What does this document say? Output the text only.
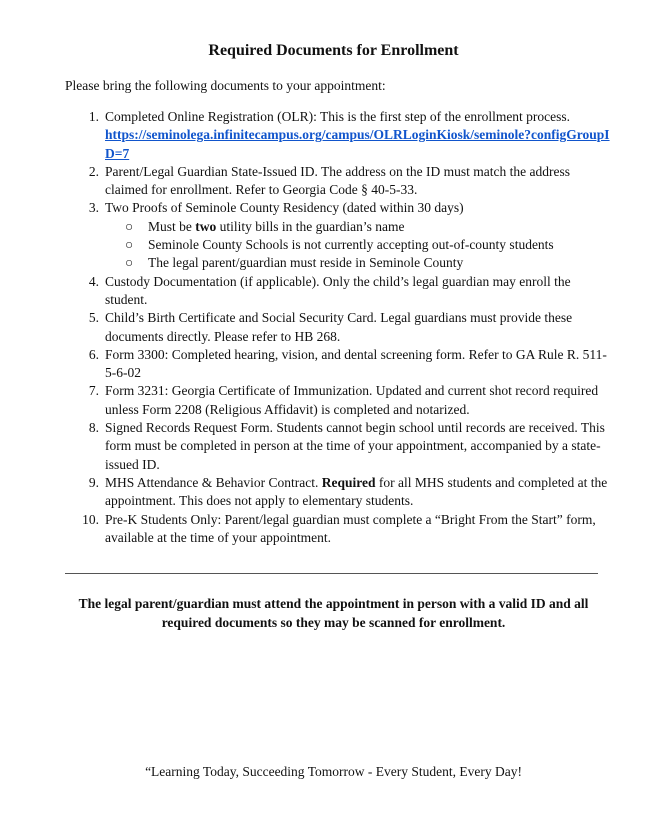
Required Documents for Enrollment
Please bring the following documents to your appointment:
1. Completed Online Registration (OLR): This is the first step of the enrollment process.
https://seminolega.infinitecampus.org/campus/OLRLoginKiosk/seminole?configGroupID=7
2. Parent/Legal Guardian State-Issued ID. The address on the ID must match the address claimed for enrollment. Refer to Georgia Code § 40-5-33.
3. Two Proofs of Seminole County Residency (dated within 30 days)
○ Must be two utility bills in the guardian’s name
○ Seminole County Schools is not currently accepting out-of-county students
○ The legal parent/guardian must reside in Seminole County
4. Custody Documentation (if applicable). Only the child’s legal guardian may enroll the student.
5. Child’s Birth Certificate and Social Security Card. Legal guardians must provide these documents directly. Please refer to HB 268.
6. Form 3300: Completed hearing, vision, and dental screening form. Refer to GA Rule R. 511-5-6-02
7. Form 3231: Georgia Certificate of Immunization. Updated and current shot record required unless Form 2208 (Religious Affidavit) is completed and notarized.
8. Signed Records Request Form. Students cannot begin school until records are received. This form must be completed in person at the time of your appointment, accompanied by a state-issued ID.
9. MHS Attendance & Behavior Contract. Required for all MHS students and completed at the appointment. This does not apply to elementary students.
10. Pre-K Students Only: Parent/legal guardian must complete a “Bright From the Start” form, available at the time of your appointment.
The legal parent/guardian must attend the appointment in person with a valid ID and all required documents so they may be scanned for enrollment.
“Learning Today, Succeeding Tomorrow - Every Student, Every Day!
